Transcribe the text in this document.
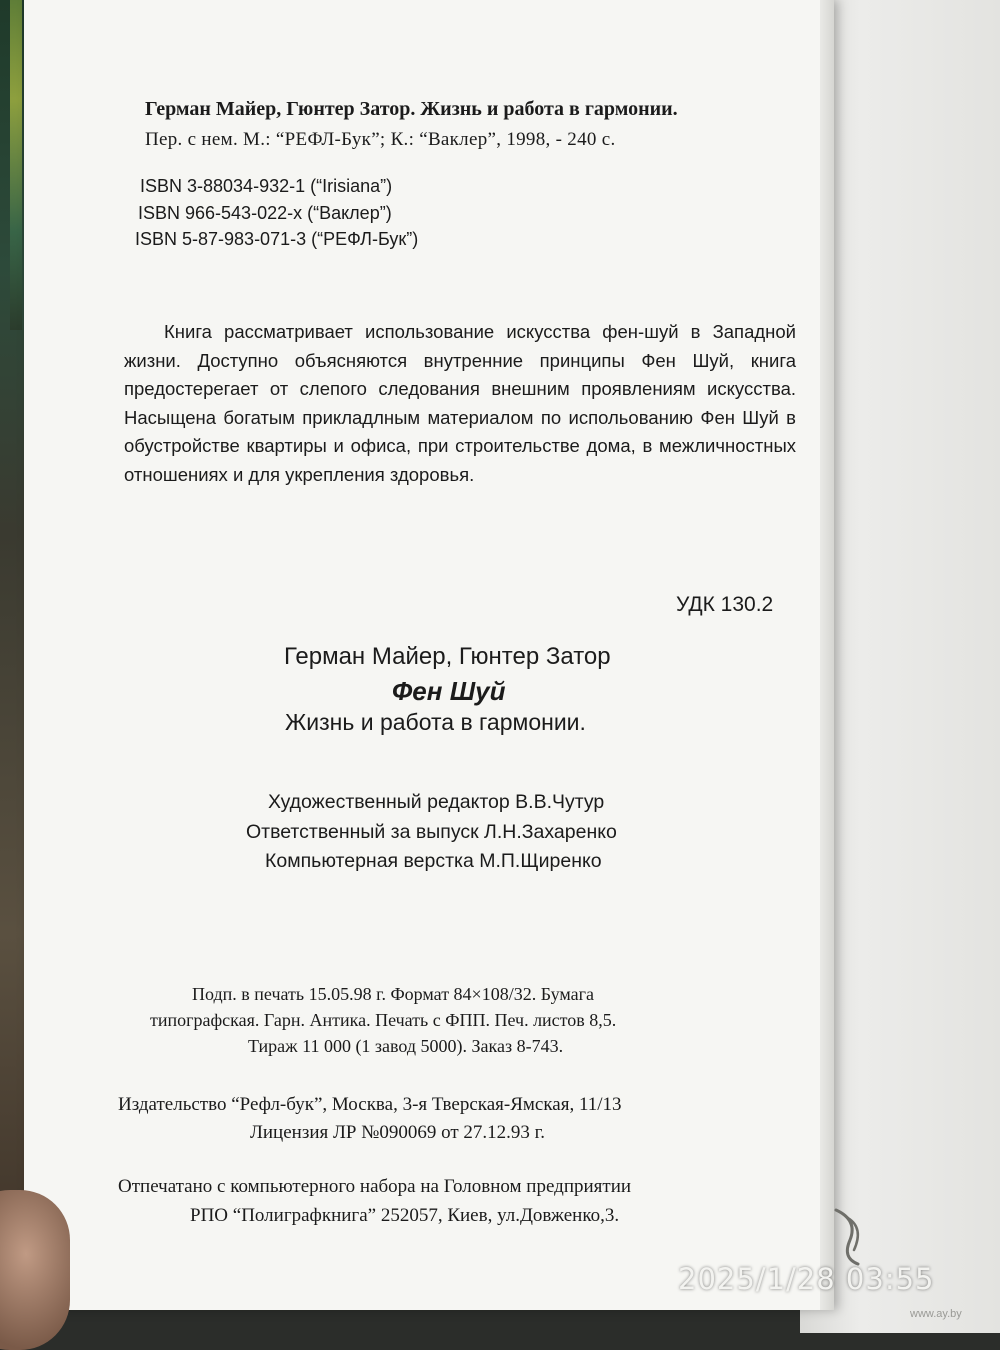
Герман Майер, Гюнтер Затор. Жизнь и работа в гармонии.
Пер. с нем. М.: “РЕФЛ-Бук”; К.: “Ваклер”, 1998, - 240 с.
ISBN 3-88034-932-1 (“Irisiana”)
ISBN 966-543-022-х (“Ваклер”)
ISBN 5-87-983-071-3 (“РЕФЛ-Бук”)
Книга рассматривает использование искусства фен-шуй в Западной жизни. Доступно объясняются внутренние принципы Фен Шуй, книга предостерегает от слепого следования внешним проявлениям искусства. Насыщена богатым прикладлным материалом по испольованию Фен Шуй в обустройстве квартиры и офиса, при строительстве дома, в межличностных отношениях и для укрепления здоровья.
УДК 130.2
Герман Майер, Гюнтер Затор
Фен Шуй
Жизнь и работа в гармонии.
Художественный редактор В.В.Чутур
Ответственный за выпуск Л.Н.Захаренко
Компьютерная верстка М.П.Щиренко
Подп. в печать 15.05.98 г. Формат 84×108/32. Бумага
типографская. Гарн. Антика. Печать с ФПП. Печ. листов 8,5.
Тираж 11 000 (1 завод 5000). Заказ 8-743.
Издательство “Рефл-бук”, Москва, 3-я Тверская-Ямская, 11/13
Лицензия ЛР №090069 от 27.12.93 г.
Отпечатано с компьютерного набора на Головном предприятии
РПО “Полиграфкнига” 252057, Киев, ул.Довженко,3.
2025/1/28 03:55
www.ay.by
